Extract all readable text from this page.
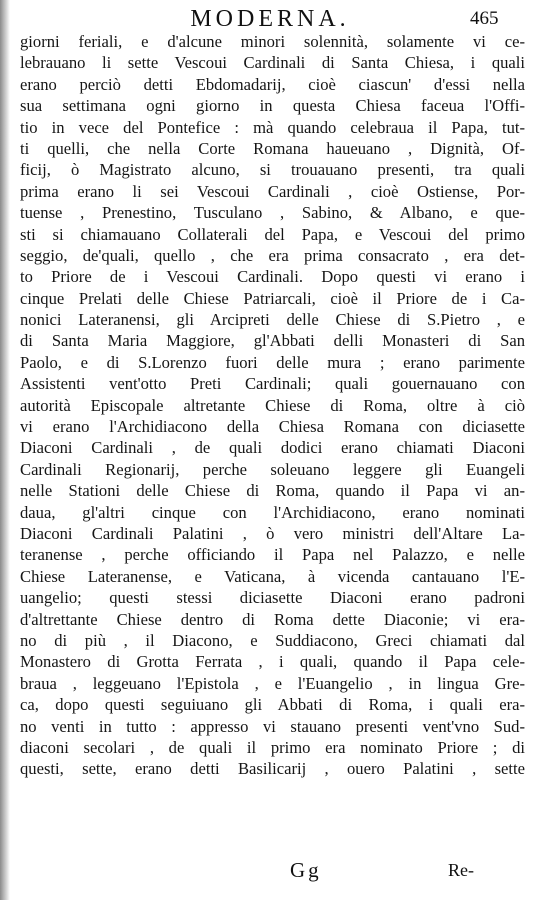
MODERNA.	465
giorni feriali, e d'alcune minori solennità, solamente vi ce-
lebrauano li sette Vescoui Cardinali di Santa Chiesa, i quali
erano perciò detti Ebdomadarij, cioè ciascun' d'essi nella
sua settimana ogni giorno in questa Chiesa faceua l'Offi-
tio in vece del Pontefice : mà quando celebraua il Papa, tut-
ti quelli, che nella Corte Romana haueuano , Dignità, Of-
ficij, ò Magistrato alcuno, si trouauano presenti, tra quali
prima erano li sei Vescoui Cardinali , cioè Ostiense, Por-
tuense , Prenestino, Tusculano , Sabino, & Albano, e que-
sti si chiamauano Collaterali del Papa, e Vescoui del primo
seggio, de'quali, quello , che era prima consacrato , era det-
to Priore de i Vescoui Cardinali. Dopo questi vi erano i
cinque Prelati delle Chiese Patriarcali, cioè il Priore de i Ca-
nonici Lateranensi, gli Arcipreti delle Chiese di S.Pietro , e
di Santa Maria Maggiore, gl'Abbati delli Monasteri di San
Paolo, e di S.Lorenzo fuori delle mura ; erano parimente
Assistenti vent'otto Preti Cardinali; quali gouernauano con
autorità Episcopale altretante Chiese di Roma, oltre à ciò
vi erano l'Archidiacono della Chiesa Romana con diciasette
Diaconi Cardinali , de quali dodici erano chiamati Diaconi
Cardinali Regionarij, perche soleuano leggere gli Euangeli
nelle Stationi delle Chiese di Roma, quando il Papa vi an-
daua, gl'altri cinque con l'Archidiacono, erano nominati
Diaconi Cardinali Palatini , ò vero ministri dell'Altare La-
teranense , perche officiando il Papa nel Palazzo, e nelle
Chiese Lateranense, e Vaticana, à vicenda cantauano l'E-
uangelio; questi stessi diciasette Diaconi erano padroni
d'altrettante Chiese dentro di Roma dette Diaconie; vi era-
no di più , il Diacono, e Suddiacono, Greci chiamati dal
Monastero di Grotta Ferrata , i quali, quando il Papa cele-
braua , leggeuano l'Epistola , e l'Euangelio , in lingua Gre-
ca, dopo questi seguiuano gli Abbati di Roma, i quali era-
no venti in tutto : appresso vi stauano presenti vent'vno Sud-
diaconi secolari , de quali il primo era nominato Priore ; di
questi, sette, erano detti Basilicarij , ouero Palatini , sette
Gg	Re-
